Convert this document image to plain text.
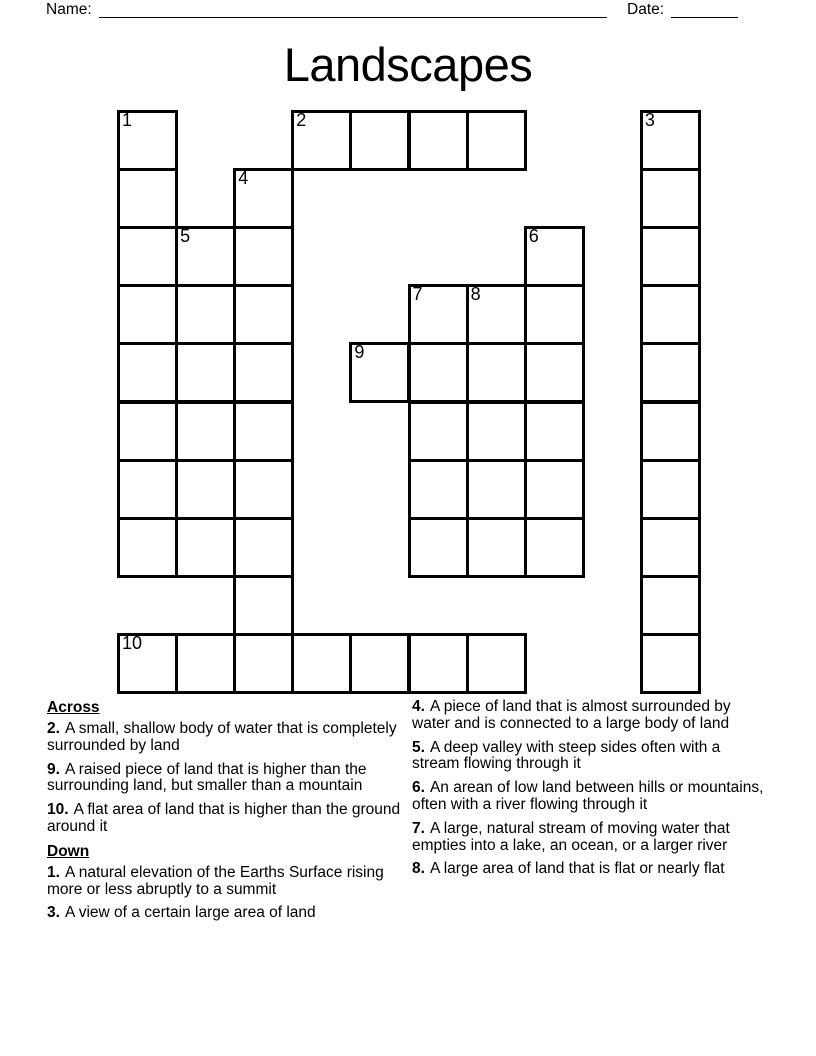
Name:	Date:
Landscapes
1	2	3
4
5	6
7	8
9
10
Across

2. A small, shallow body of water that is completely surrounded by land

9. A raised piece of land that is higher than the surrounding land, but smaller than a mountain

10. A flat area of land that is higher than the ground around it

Down

1. A natural elevation of the Earths Surface rising more or less abruptly to a summit

3. A view of a certain large area of land

4. A piece of land that is almost surrounded by water and is connected to a large body of land

5. A deep valley with steep sides often with a stream flowing through it

6. An arean of low land between hills or mountains, often with a river flowing through it

7. A large, natural stream of moving water that empties into a lake, an ocean, or a larger river

8. A large area of land that is flat or nearly flat
